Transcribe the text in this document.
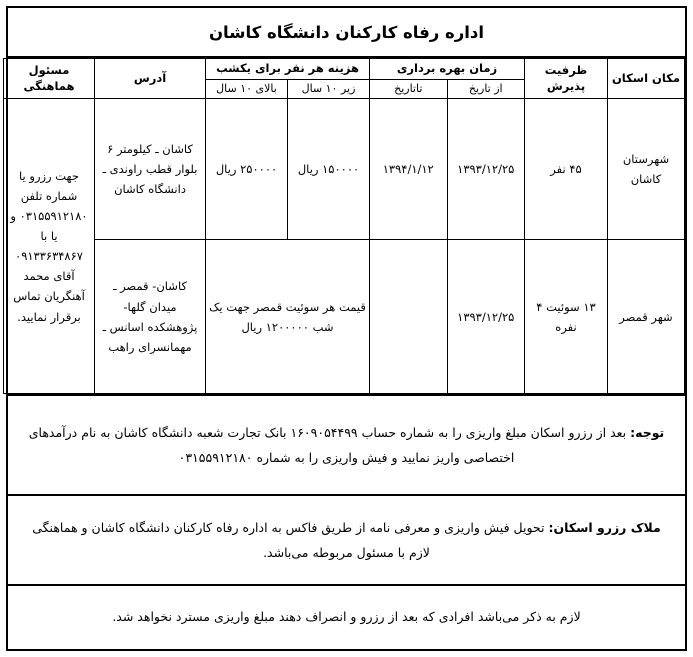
اداره رفاه کارکنان دانشگاه کاشان
مکان اسکان	ظرفیت پذیرش	زمان بهره برداری		هزینه هر نفر برای یکشب		آدرس	مسئول هماهنگی
		از تاریخ	تاتاریخ	زیر ۱۰ سال	بالای ۱۰ سال		
شهرستان کاشان	۴۵ نفر	۱۳۹۳/۱۲/۲۵	۱۳۹۴/۱/۱۲	۱۵۰۰۰۰ ریال	۲۵۰۰۰۰ ریال	کاشان ـ کیلومتر ۶ بلوار قطب راوندی ـ دانشگاه کاشان	جهت رزرو یا شماره تلفن ۰۳۱۵۵۹۱۲۱۸۰ و یا با ۰۹۱۳۳۶۳۴۸۶۷ آقای محمد آهنگریان تماس برقرار نمایید.
شهر قمصر	۱۳ سوئیت ۴ نفره	۱۳۹۳/۱۲/۲۵		قیمت هر سوئیت قمصر جهت یک شب ۱۲۰۰۰۰۰ ریال		کاشان- قمصر ـ میدان گلها- پژوهشکده اسانس ـ مهمانسرای راهب	
توجه: بعد از رزرو اسکان مبلغ واریزی را به شماره حساب ۱۶۰۹۰۵۴۴۹۹ بانک تجارت شعبه دانشگاه کاشان به نام درآمدهای اختصاصی واریز نمایید و فیش واریزی را به شماره ۰۳۱۵۵۹۱۲۱۸۰
ملاک رزرو اسکان: تحویل فیش واریزی و معرفی نامه از طریق فاکس به اداره رفاه کارکنان دانشگاه کاشان و هماهنگی لازم با مسئول مربوطه می‌باشد.
لازم به ذکر می‌باشد افرادی که بعد از رزرو و انصراف دهند مبلغ واریزی مسترد نخواهد شد.
